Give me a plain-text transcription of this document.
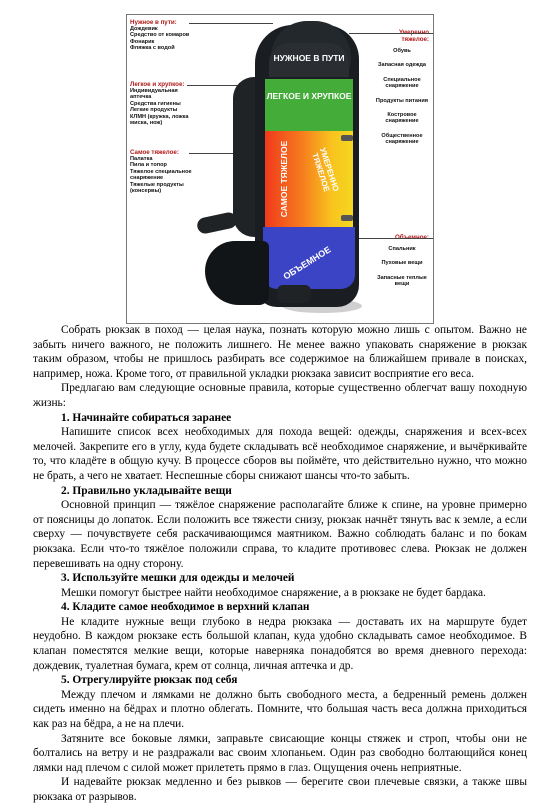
Нужное в пути:
Дождевик
Средство от комаров
Фонарик
Фляжка с водой
Легкое и хрупкое:
Индивидуальная аптечка
Средства гигиены
Легкие продукты
КЛМН (кружка, ложка
миска, нож)
Самое тяжелое:
Палатка
Пила и топор
Тяжелое специальное
снаряжение
Тяжелые продукты
(консервы)
тяжелое:
Обувь
Запасная одежда
Специальное снаряжение
Продукты питания
Костровое снаряжение
Общественное снаряжение
Спальник
Пуховые вещи
Запасные теплые вещи
НУЖНОЕ В ПУТИ
ЛЕГКОЕ И ХРУПКОЕ
САМОЕ ТЯЖЕЛОЕ	УМЕРЕННО ТЯЖЕЛОЕ
ОБЪЕМНОЕ

Собрать рюкзак в поход — целая наука, познать которую можно лишь с опытом. Важно не забыть ничего важного, не положить лишнего. Не менее важно упаковать снаряжение в рюкзак таким образом, чтобы не пришлось разбирать все содержимое на ближайшем привале в поисках, например, ножа. Кроме того, от правильной укладки рюкзака зависит восприятие его веса.

Предлагаю вам следующие основные правила, которые существенно облегчат вашу походную жизнь:

1. Начинайте собираться заранее

Напишите список всех необходимых для похода вещей: одежды, снаряжения и всех-всех мелочей. Закрепите его в углу, куда будете складывать всё необходимое снаряжение, и вычёркивайте то, что кладёте в общую кучу. В процессе сборов вы поймёте, что действительно нужно, что можно не брать, а чего не хватает. Неспешные сборы снижают шансы что-то забыть.

2. Правильно укладывайте вещи

Основной принцип — тяжёлое снаряжение располагайте ближе к спине, на уровне примерно от поясницы до лопаток. Если положить все тяжести снизу, рюкзак начнёт тянуть вас к земле, а если сверху — почувствуете себя раскачивающимся маятником. Важно соблюдать баланс и по бокам рюкзака. Если что-то тяжёлое положили справа, то кладите противовес слева. Рюкзак не должен перевешивать на одну сторону.

3. Используйте мешки для одежды и мелочей

Мешки помогут быстрее найти необходимое снаряжение, а в рюкзаке не будет бардака.

4. Кладите самое необходимое в верхний клапан

Не кладите нужные вещи глубоко в недра рюкзака — доставать их на маршруте будет неудобно. В каждом рюкзаке есть большой клапан, куда удобно складывать самое необходимое. В клапан поместятся мелкие вещи, которые наверняка понадобятся во время дневного перехода: дождевик, туалетная бумага, крем от солнца, личная аптечка и др.

5. Отрегулируйте рюкзак под себя

Между плечом и лямками не должно быть свободного места, а бедренный ремень должен сидеть именно на бёдрах и плотно облегать. Помните, что большая часть веса должна приходиться как раз на бёдра, а не на плечи.

Затяните все боковые лямки, заправьте свисающие концы стяжек и строп, чтобы они не болтались на ветру и не раздражали вас своим хлопаньем. Один раз свободно болтающийся конец лямки над плечом с силой может прилететь прямо в глаз. Ощущения очень неприятные.

И надевайте рюкзак медленно и без рывков — берегите свои плечевые связки, а также швы рюкзака от разрывов.
